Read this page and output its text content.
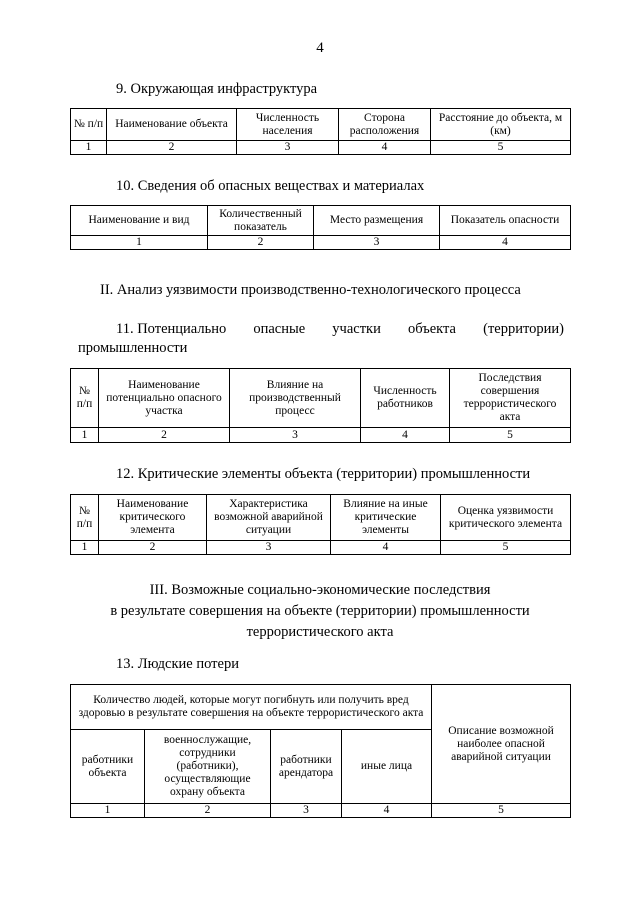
4
9. Окружающая инфраструктура
№ п/п	Наименование объекта	Численность населения	Сторона расположения	Расстояние до объекта, м (км)
1	2	3	4	5
10. Сведения об опасных веществах и материалах
Наименование и вид	Количественный показатель	Место размещения	Показатель опасности
1	2	3	4
II. Анализ уязвимости производственно-технологического процесса
11. Потенциально опасные участки объекта (территории)
промышленности
№ п/п	Наименование потенциально опасного участка	Влияние на производственный процесс	Численность работников	Последствия совершения террористического акта
1	2	3	4	5
12. Критические элементы объекта (территории) промышленности
№ п/п	Наименование критического элемента	Характеристика возможной аварийной ситуации	Влияние на иные критические элементы	Оценка уязвимости критического элемента
1	2	3	4	5
III. Возможные социально-экономические последствия
в результате совершения на объекте (территории) промышленности
террористического акта
13. Людские потери
Количество людей, которые могут погибнуть или получить вред здоровью в результате совершения на объекте террористического акта				Описание возможной наиболее опасной аварийной ситуации
работники объекта	военнослужащие, сотрудники (работники), осуществляющие охрану объекта	работники арендатора	иные лица	
1	2	3	4	5
